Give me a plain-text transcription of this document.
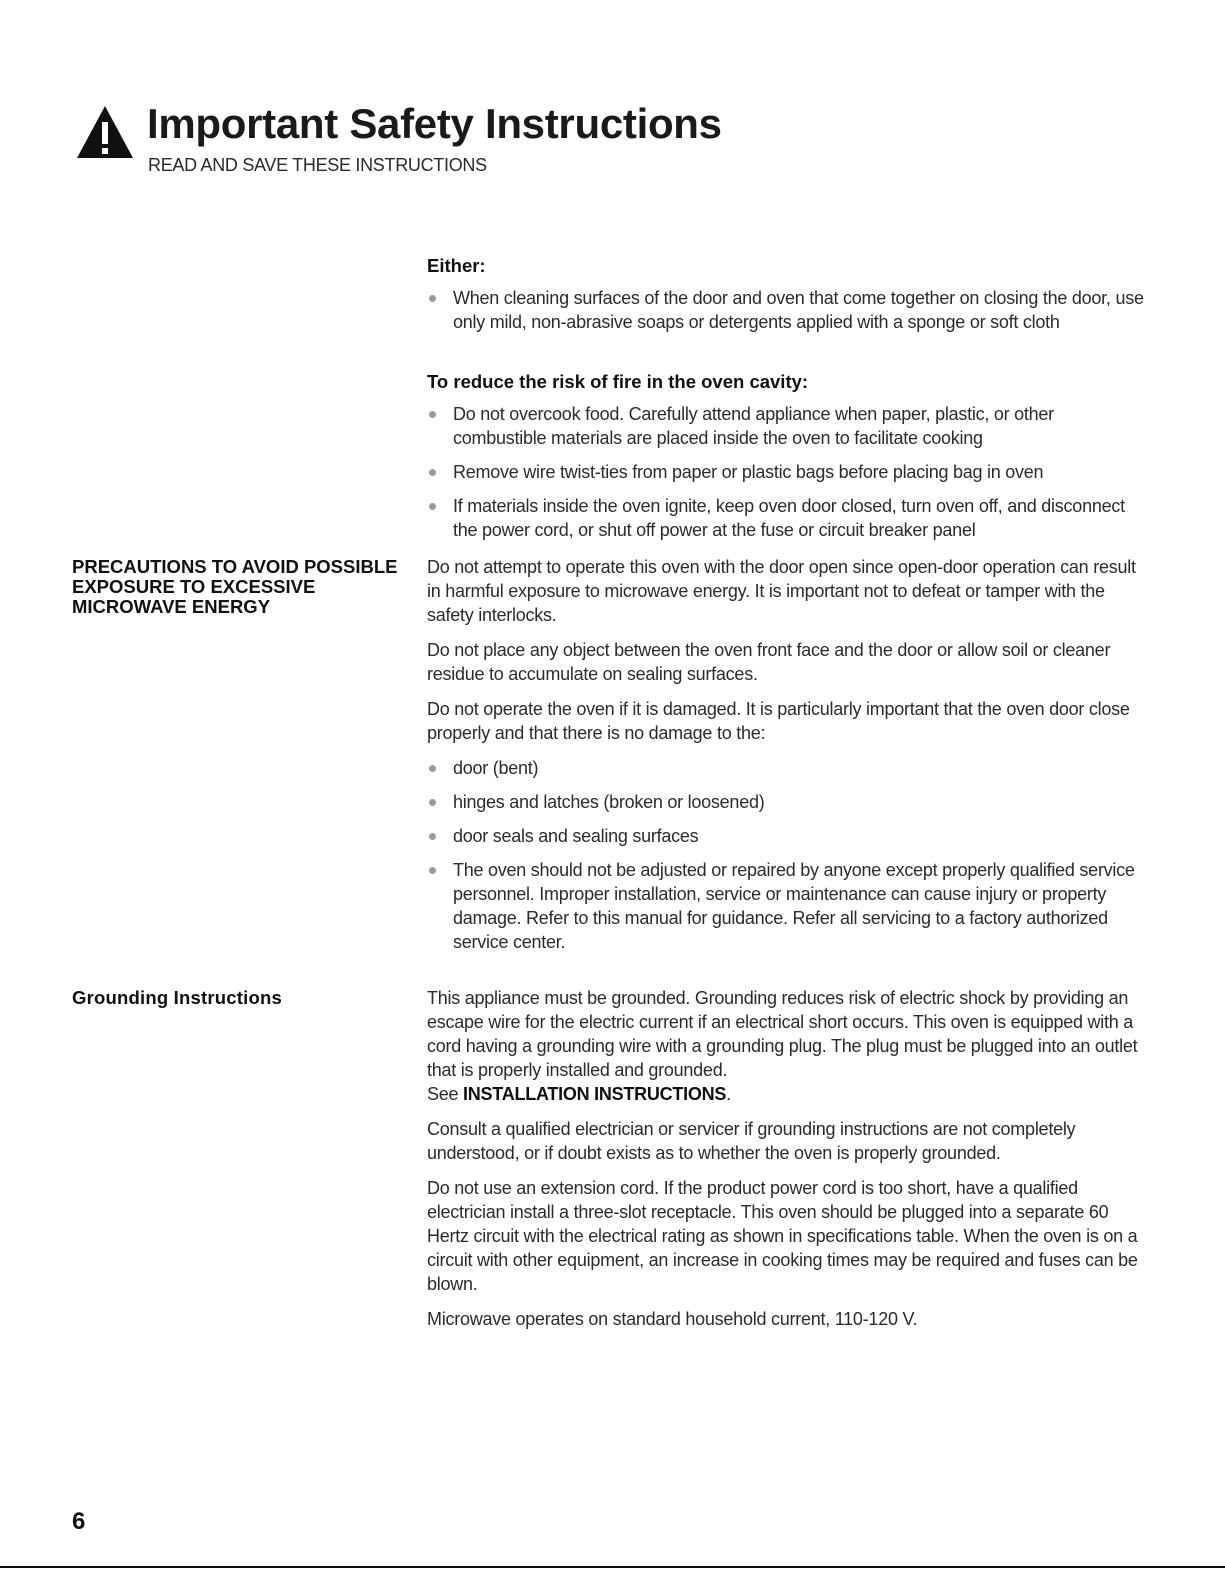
Important Safety Instructions
READ AND SAVE THESE INSTRUCTIONS
Either:
When cleaning surfaces of the door and oven that come together on closing the door, use only mild, non-abrasive soaps or detergents applied with a sponge or soft cloth
To reduce the risk of fire in the oven cavity:
Do not overcook food. Carefully attend appliance when paper, plastic, or other combustible materials are placed inside the oven to facilitate cooking
Remove wire twist-ties from paper or plastic bags before placing bag in oven
If materials inside the oven ignite, keep oven door closed, turn oven off, and disconnect the power cord, or shut off power at the fuse or circuit breaker panel
PRECAUTIONS TO AVOID POSSIBLE EXPOSURE TO EXCESSIVE MICROWAVE ENERGY

Do not attempt to operate this oven with the door open since open-door operation can result in harmful exposure to microwave energy. It is important not to defeat or tamper with the safety interlocks.

Do not place any object between the oven front face and the door or allow soil or cleaner residue to accumulate on sealing surfaces.

Do not operate the oven if it is damaged. It is particularly important that the oven door close properly and that there is no damage to the:

door (bent)
hinges and latches (broken or loosened)
door seals and sealing surfaces
The oven should not be adjusted or repaired by anyone except properly qualified service personnel. Improper installation, service or maintenance can cause injury or property damage. Refer to this manual for guidance. Refer all servicing to a factory authorized service center.
Grounding Instructions	This appliance must be grounded. Grounding reduces risk of electric shock by providing an escape wire for the electric current if an electrical short occurs. This oven is equipped with a cord having a grounding wire with a grounding plug. The plug must be plugged into an outlet that is properly installed and grounded.
See INSTALLATION INSTRUCTIONS.

Consult a qualified electrician or servicer if grounding instructions are not completely understood, or if doubt exists as to whether the oven is properly grounded.

Do not use an extension cord. If the product power cord is too short, have a qualified electrician install a three-slot receptacle. This oven should be plugged into a separate 60 Hertz circuit with the electrical rating as shown in specifications table. When the oven is on a circuit with other equipment, an increase in cooking times may be required and fuses can be blown.

Microwave operates on standard household current, 110-120 V.

6
